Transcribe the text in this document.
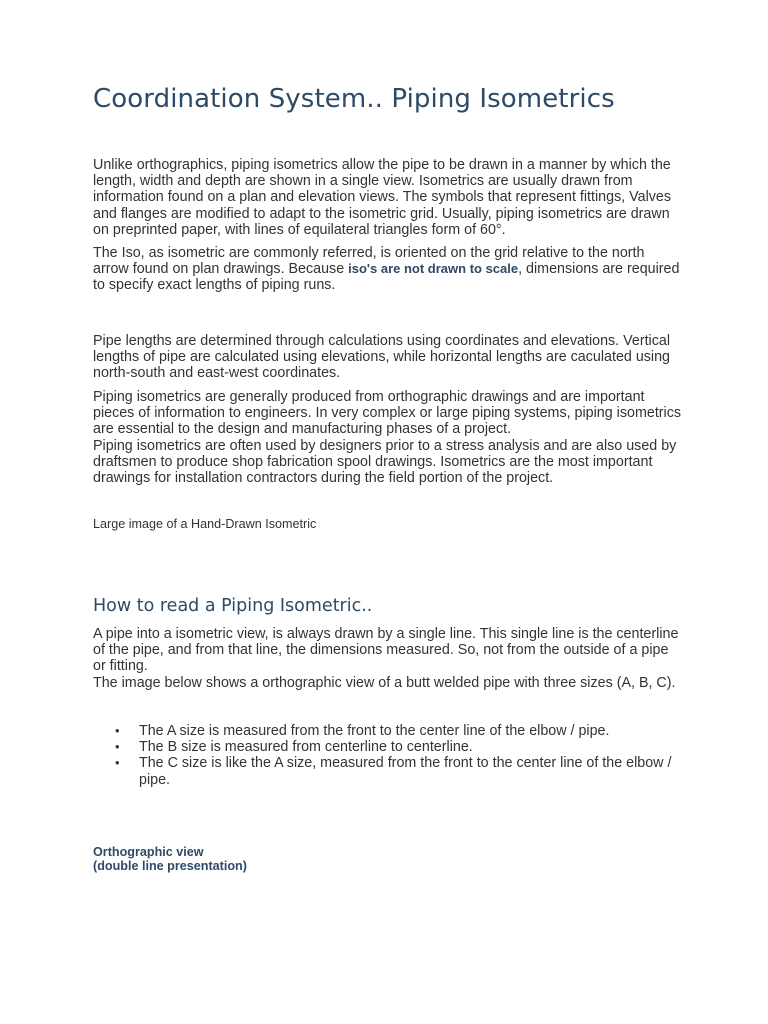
Coordination System.. Piping Isometrics

Unlike orthographics, piping isometrics allow the pipe to be drawn in a manner by which the length, width and depth are shown in a single view. Isometrics are usually drawn from information found on a plan and elevation views. The symbols that represent fittings, Valves and flanges are modified to adapt to the isometric grid. Usually, piping isometrics are drawn on preprinted paper, with lines of equilateral triangles form of 60°.

The Iso, as isometric are commonly referred, is oriented on the grid relative to the north arrow found on plan drawings. Because iso's are not drawn to scale, dimensions are required to specify exact lengths of piping runs.

Pipe lengths are determined through calculations using coordinates and elevations. Vertical lengths of pipe are calculated using elevations, while horizontal lengths are caculated using north-south and east-west coordinates.

Piping isometrics are generally produced from orthographic drawings and are important pieces of information to engineers. In very complex or large piping systems, piping isometrics are essential to the design and manufacturing phases of a project.
Piping isometrics are often used by designers prior to a stress analysis and are also used by draftsmen to produce shop fabrication spool drawings. Isometrics are the most important drawings for installation contractors during the field portion of the project.

Large image of a Hand-Drawn Isometric

How to read a Piping Isometric..

A pipe into a isometric view, is always drawn by a single line. This single line is the centerline of the pipe, and from that line, the dimensions measured. So, not from the outside of a pipe or fitting.
The image below shows a orthographic view of a butt welded pipe with three sizes (A, B, C).

• The A size is measured from the front to the center line of the elbow / pipe.
• The B size is measured from centerline to centerline.
• The C size is like the A size, measured from the front to the center line of the elbow / pipe.

Orthographic view
(double line presentation)
